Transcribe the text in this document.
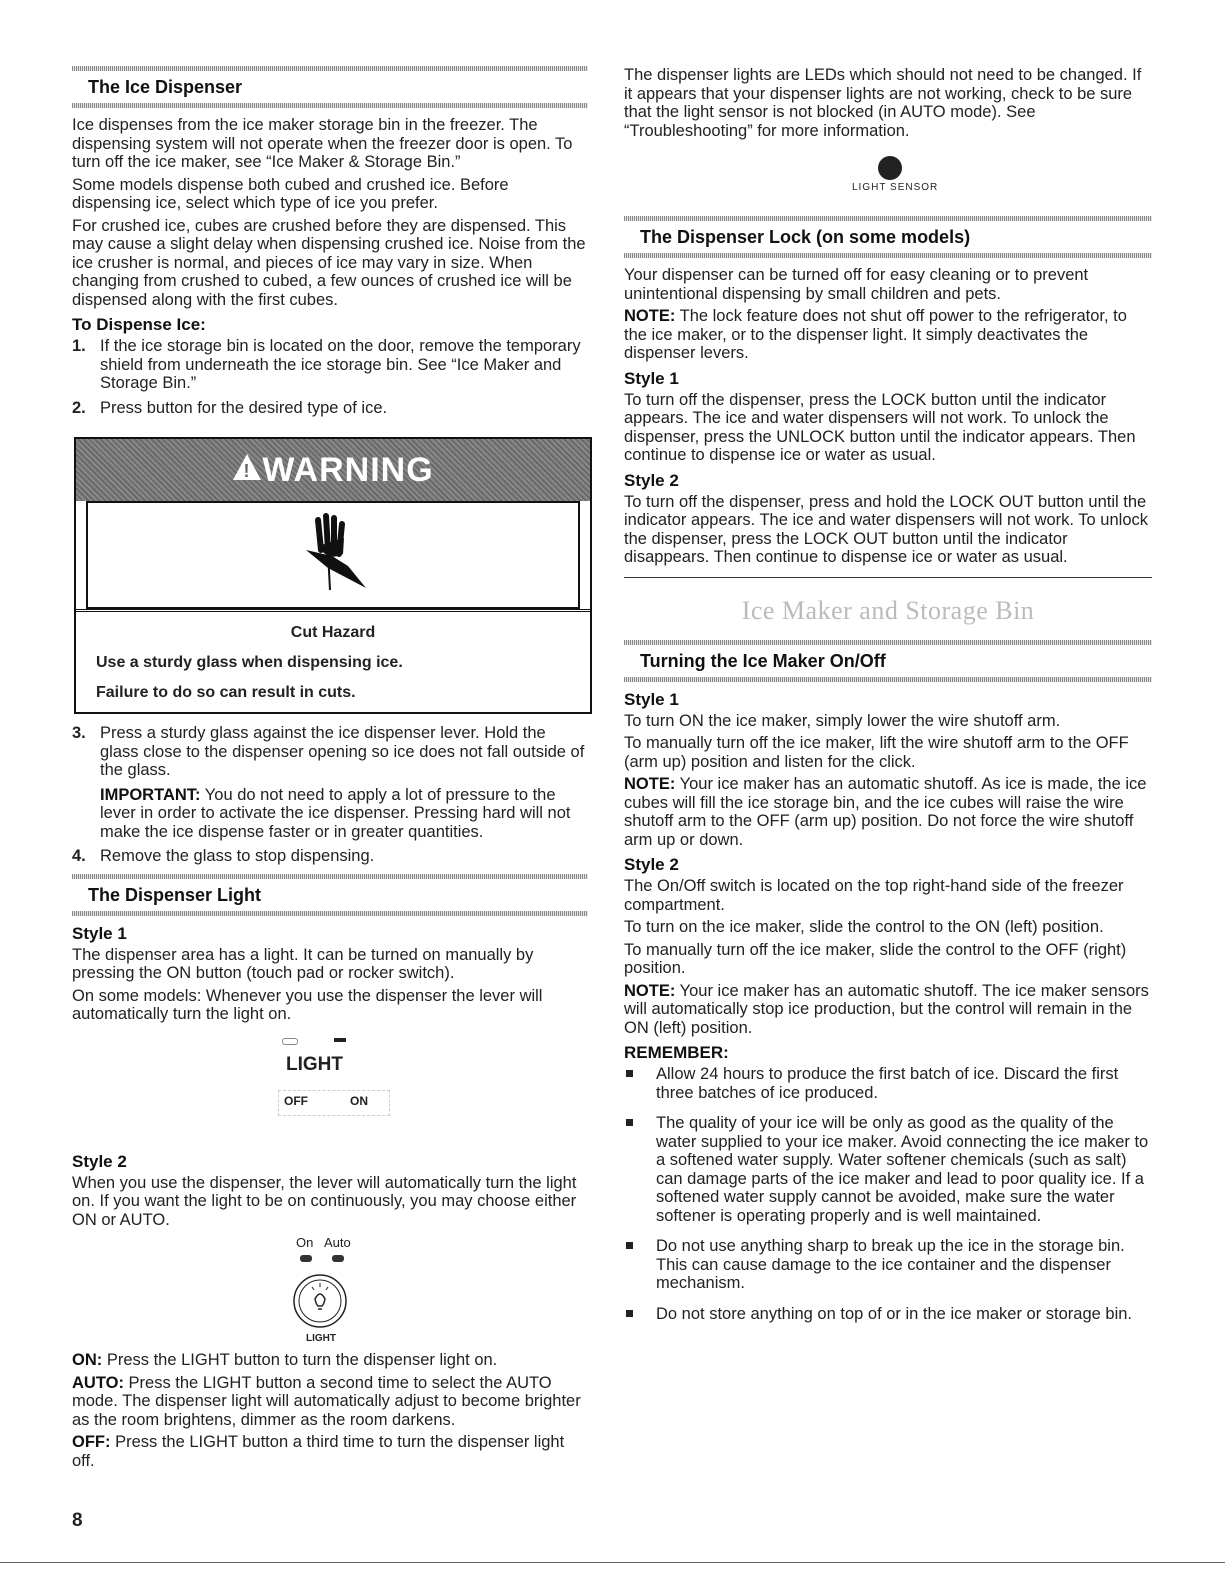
The Ice Dispenser

Ice dispenses from the ice maker storage bin in the freezer. The dispensing system will not operate when the freezer door is open. To turn off the ice maker, see “Ice Maker & Storage Bin.”

Some models dispense both cubed and crushed ice. Before dispensing ice, select which type of ice you prefer.

For crushed ice, cubes are crushed before they are dispensed. This may cause a slight delay when dispensing crushed ice. Noise from the ice crusher is normal, and pieces of ice may vary in size. When changing from crushed to cubed, a few ounces of crushed ice will be dispensed along with the first cubes.

To Dispense Ice:
1. If the ice storage bin is located on the door, remove the temporary shield from underneath the ice storage bin. See “Ice Maker and Storage Bin.”
2. Press button for the desired type of ice.
! WARNING
Cut Hazard
Use a sturdy glass when dispensing ice.
Failure to do so can result in cuts.
3. Press a sturdy glass against the ice dispenser lever. Hold the glass close to the dispenser opening so ice does not fall outside of the glass.
IMPORTANT: You do not need to apply a lot of pressure to the lever in order to activate the ice dispenser. Pressing hard will not make the ice dispense faster or in greater quantities.
4. Remove the glass to stop dispensing.
The Dispenser Light
Style 1

The dispenser area has a light. It can be turned on manually by pressing the ON button (touch pad or rocker switch).

On some models: Whenever you use the dispenser the lever will automatically turn the light on.

LIGHT
OFF	ON
Style 2

When you use the dispenser, the lever will automatically turn the light on. If you want the light to be on continuously, you may choose either ON or AUTO.

On Auto
LIGHT

ON: Press the LIGHT button to turn the dispenser light on.

AUTO: Press the LIGHT button a second time to select the AUTO mode. The dispenser light will automatically adjust to become brighter as the room brightens, dimmer as the room darkens.

OFF: Press the LIGHT button a third time to turn the dispenser light off.

The dispenser lights are LEDs which should not need to be changed. If it appears that your dispenser lights are not working, check to be sure that the light sensor is not blocked (in AUTO mode). See “Troubleshooting” for more information.

LIGHT SENSOR
The Dispenser Lock (on some models)

Your dispenser can be turned off for easy cleaning or to prevent unintentional dispensing by small children and pets.

NOTE: The lock feature does not shut off power to the refrigerator, to the ice maker, or to the dispenser light. It simply deactivates the dispenser levers.

Style 1

To turn off the dispenser, press the LOCK button until the indicator appears. The ice and water dispensers will not work. To unlock the dispenser, press the UNLOCK button until the indicator appears. Then continue to dispense ice or water as usual.

Style 2

To turn off the dispenser, press and hold the LOCK OUT button until the indicator appears. The ice and water dispensers will not work. To unlock the dispenser, press the LOCK OUT button until the indicator disappears. Then continue to dispense ice or water as usual.

Ice Maker and Storage Bin
Turning the Ice Maker On/Off
Style 1

To turn ON the ice maker, simply lower the wire shutoff arm.

To manually turn off the ice maker, lift the wire shutoff arm to the OFF (arm up) position and listen for the click.

NOTE: Your ice maker has an automatic shutoff. As ice is made, the ice cubes will fill the ice storage bin, and the ice cubes will raise the wire shutoff arm to the OFF (arm up) position. Do not force the wire shutoff arm up or down.

Style 2

The On/Off switch is located on the top right-hand side of the freezer compartment.

To turn on the ice maker, slide the control to the ON (left) position.

To manually turn off the ice maker, slide the control to the OFF (right) position.

NOTE: Your ice maker has an automatic shutoff. The ice maker sensors will automatically stop ice production, but the control will remain in the ON (left) position.

REMEMBER:
Allow 24 hours to produce the first batch of ice. Discard the first three batches of ice produced.
The quality of your ice will be only as good as the quality of the water supplied to your ice maker. Avoid connecting the ice maker to a softened water supply. Water softener chemicals (such as salt) can damage parts of the ice maker and lead to poor quality ice. If a softened water supply cannot be avoided, make sure the water softener is operating properly and is well maintained.
Do not use anything sharp to break up the ice in the storage bin. This can cause damage to the ice container and the dispenser mechanism.
Do not store anything on top of or in the ice maker or storage bin.
8
